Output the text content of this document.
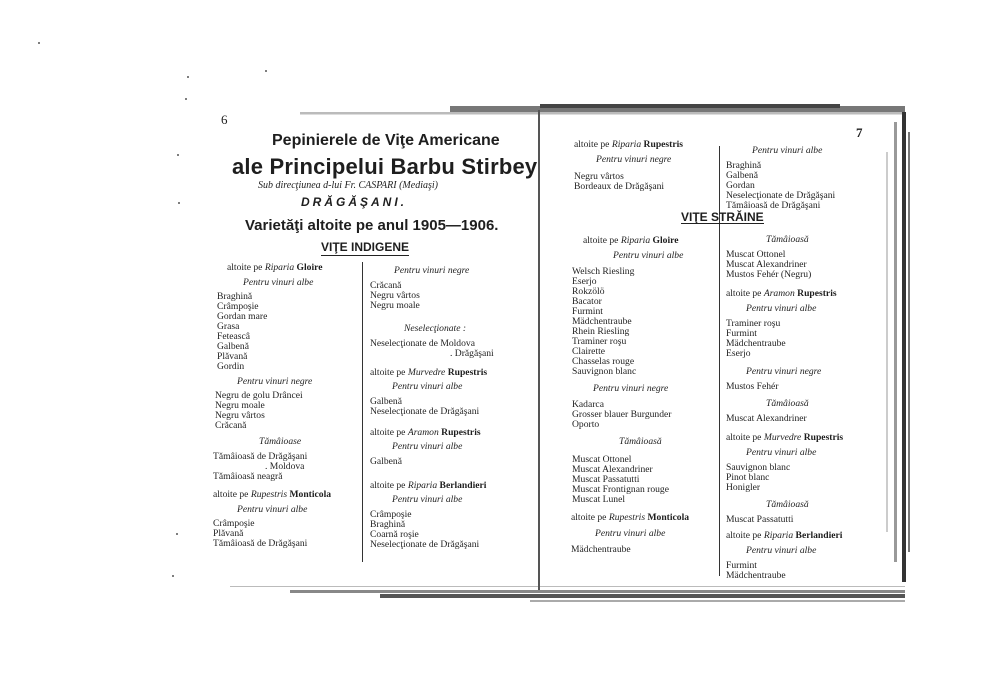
6
Pepinierele de Viţe Americane
ale Principelui Barbu Stirbey
Sub direcţiunea d-lui Fr. CASPARI (Mediaşi)
DRĂGĂŞANI.
Varietăţi altoite pe anul 1905—1906.
VIŢE INDIGENE
altoite pe Riparia Gloire
Pentru vinuri albe
Braghină
Crâmpoşie
Gordan mare
Grasa
Feteascâ
Galbenă
Plăvană
Gordin
Pentru vinuri negre
Negru de golu Drâncei
Negru moale
Negru vârtos
Crăcană
Tămâioase
Tămâioasă de Drăgăşani
. Moldova
Tămâioasă neagră
altoite pe Rupestris Monticola
Pentru vinuri albe
Crâmpoşie
Plăvană
Tămâioasă de Drăgăşani
Pentru vinuri negre
Crăcană
Negru vârtos
Negru moale
Neselecţionate :
Neselecţionate de Moldova
. Drăgăşani
altoite pe Murvedre Rupestris
Pentru vinuri albe
Galbenă
Neselecţionate de Drăgăşani
altoite pe Aramon Rupestris
Pentru vinuri albe
Galbenă
altoite pe Riparia Berlandieri
Pentru vinuri albe
Crâmpoşie
Braghină
Coarnă roşie
Neselecţionate de Drăgăşani
7
VIŢE STRĂINE
altoite pe Riparia Rupestris
Pentru vinuri negre
Negru vârtos
Bordeaux de Drăgăşani
altoite pe Riparia Gloire
Pentru vinuri albe
Welsch Riesling
Eserjo
Rokzölö
Bacator
Furmint
Mädchentraube
Rhein Riesling
Traminer roşu
Clairette
Chasselas rouge
Sauvignon blanc
Pentru vinuri negre
Kadarca
Grosser blauer Burgunder
Oporto
Tămâioasă
Muscat Ottonel
Muscat Alexandriner
Muscat Passatutti
Muscat Frontignan rouge
Muscat Lunel
altoite pe Rupestris Monticola
Pentru vinuri albe
Mädchentraube
Pentru vinuri albe
Braghină
Galbenă
Gordan
Neselecţionate de Drăgăşani
Tămâioasă de Drăgăşani
Tămâioasă
Muscat Ottonel
Muscat Alexandriner
Mustos Fehér (Negru)
altoite pe Aramon Rupestris
Pentru vinuri albe
Traminer roşu
Furmint
Mädchentraube
Eserjo
Pentru vinuri negre
Mustos Fehér
Tămâioasă
Muscat Alexandriner
altoite pe Murvedre Rupestris
Pentru vinuri albe
Sauvignon blanc
Pinot blanc
Honigler
Tămâioasă
Muscat Passatutti
altoite pe Riparia Berlandieri
Pentru vinuri albe
Furmint
Mädchentraube
